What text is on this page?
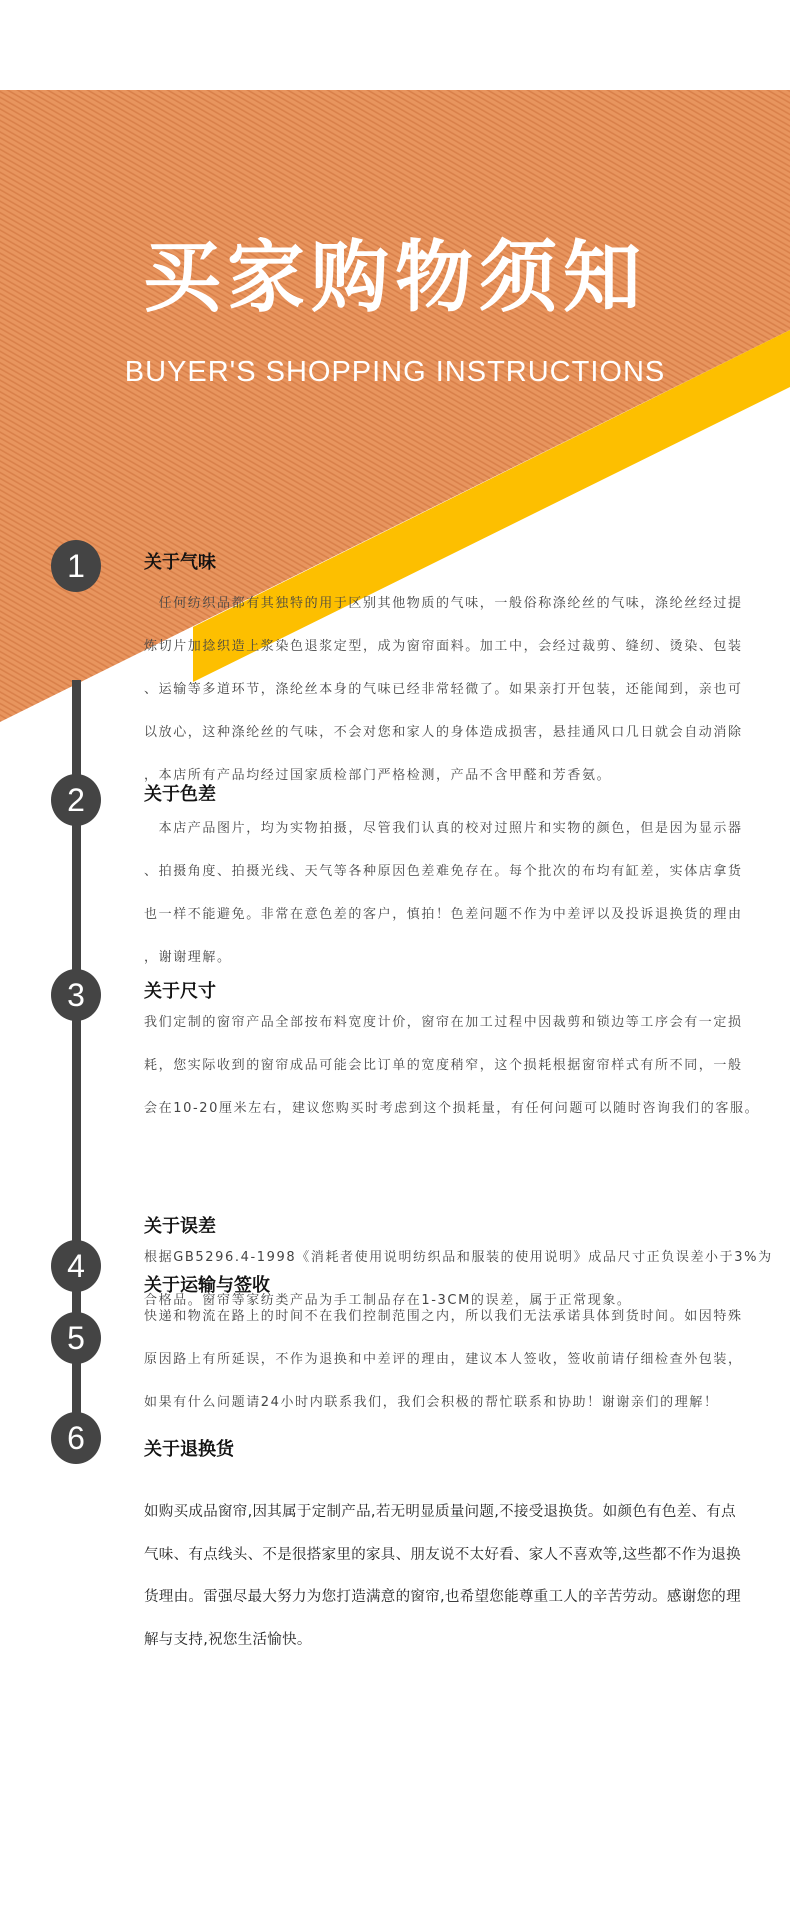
买家购物须知
BUYER'S SHOPPING INSTRUCTIONS
1	关于气味
　任何纺织品都有其独特的用于区别其他物质的气味，一般俗称涤纶丝的气味，涤纶丝经过提
炼切片加捻织造上浆染色退浆定型，成为窗帘面料。加工中，会经过裁剪、缝纫、烫染、包装
、运输等多道环节，涤纶丝本身的气味已经非常轻微了。如果亲打开包装，还能闻到，亲也可
以放心，这种涤纶丝的气味，不会对您和家人的身体造成损害，悬挂通风口几日就会自动消除
，本店所有产品均经过国家质检部门严格检测，产品不含甲醛和芳香氨。
2	关于色差
　本店产品图片，均为实物拍摄，尽管我们认真的校对过照片和实物的颜色，但是因为显示器
、拍摄角度、拍摄光线、天气等各种原因色差难免存在。每个批次的布均有缸差，实体店拿货
也一样不能避免。非常在意色差的客户，慎拍！色差问题不作为中差评以及投诉退换货的理由
，谢谢理解。
3	关于尺寸
我们定制的窗帘产品全部按布料宽度计价，窗帘在加工过程中因裁剪和锁边等工序会有一定损
耗，您实际收到的窗帘成品可能会比订单的宽度稍窄，这个损耗根据窗帘样式有所不同，一般
会在10-20厘米左右，建议您购买时考虑到这个损耗量，有任何问题可以随时咨询我们的客服。
4
关于误差
根据GB5296.4-1998《消耗者使用说明纺织品和服装的使用说明》成品尺寸正负误差小于3%为
合格品。窗帘等家纺类产品为手工制品存在1-3CM的误差，属于正常现象。
5
关于运输与签收
快递和物流在路上的时间不在我们控制范围之内，所以我们无法承诺具体到货时间。如因特殊
原因路上有所延误，不作为退换和中差评的理由，建议本人签收，签收前请仔细检查外包装，
如果有什么问题请24小时内联系我们，我们会积极的帮忙联系和协助！谢谢亲们的理解！
6	关于退换货
如购买成品窗帘,因其属于定制产品,若无明显质量问题,不接受退换货。如颜色有色差、有点
气味、有点线头、不是很搭家里的家具、朋友说不太好看、家人不喜欢等,这些都不作为退换
货理由。雷强尽最大努力为您打造满意的窗帘,也希望您能尊重工人的辛苦劳动。感谢您的理
解与支持,祝您生活愉快。
